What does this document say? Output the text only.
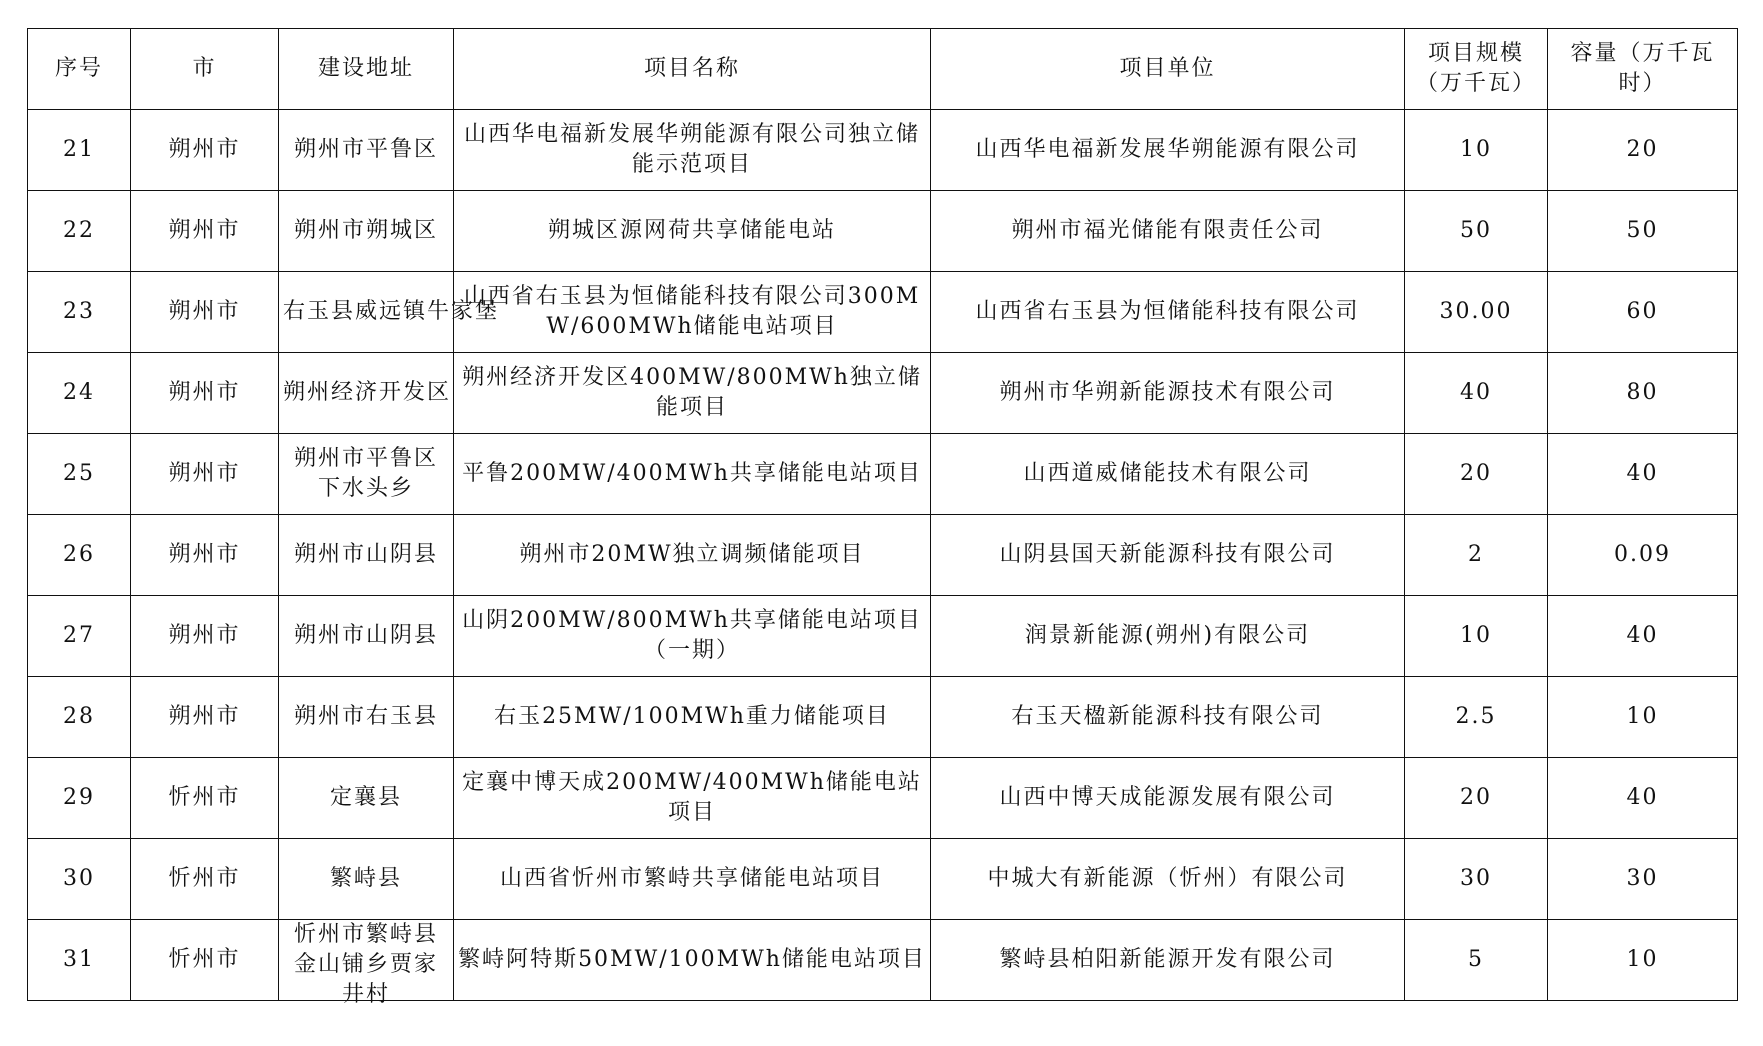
序号	市	建设地址	项目名称	项目单位	项目规模（万千瓦）	容量（万千瓦时）
21	朔州市	朔州市平鲁区	山西华电福新发展华朔能源有限公司独立储能示范项目	山西华电福新发展华朔能源有限公司	10	20
22	朔州市	朔州市朔城区	朔城区源网荷共享储能电站	朔州市福光储能有限责任公司	50	50
23	朔州市	右玉县威远镇牛家堡	山西省右玉县为恒储能科技有限公司300MW/600MWh储能电站项目	山西省右玉县为恒储能科技有限公司	30.00	60
24	朔州市	朔州经济开发区	朔州经济开发区400MW/800MWh独立储能项目	朔州市华朔新能源技术有限公司	40	80
25	朔州市	朔州市平鲁区下水头乡	平鲁200MW/400MWh共享储能电站项目	山西道威储能技术有限公司	20	40
26	朔州市	朔州市山阴县	朔州市20MW独立调频储能项目	山阴县国天新能源科技有限公司	2	0.09
27	朔州市	朔州市山阴县	山阴200MW/800MWh共享储能电站项目（一期）	润景新能源(朔州)有限公司	10	40
28	朔州市	朔州市右玉县	右玉25MW/100MWh重力储能项目	右玉天楹新能源科技有限公司	2.5	10
29	忻州市	定襄县	定襄中博天成200MW/400MWh储能电站项目	山西中博天成能源发展有限公司	20	40
30	忻州市	繁峙县	山西省忻州市繁峙共享储能电站项目	中城大有新能源（忻州）有限公司	30	30
31	忻州市	忻州市繁峙县金山铺乡贾家井村	繁峙阿特斯50MW/100MWh储能电站项目	繁峙县柏阳新能源开发有限公司	5	10
